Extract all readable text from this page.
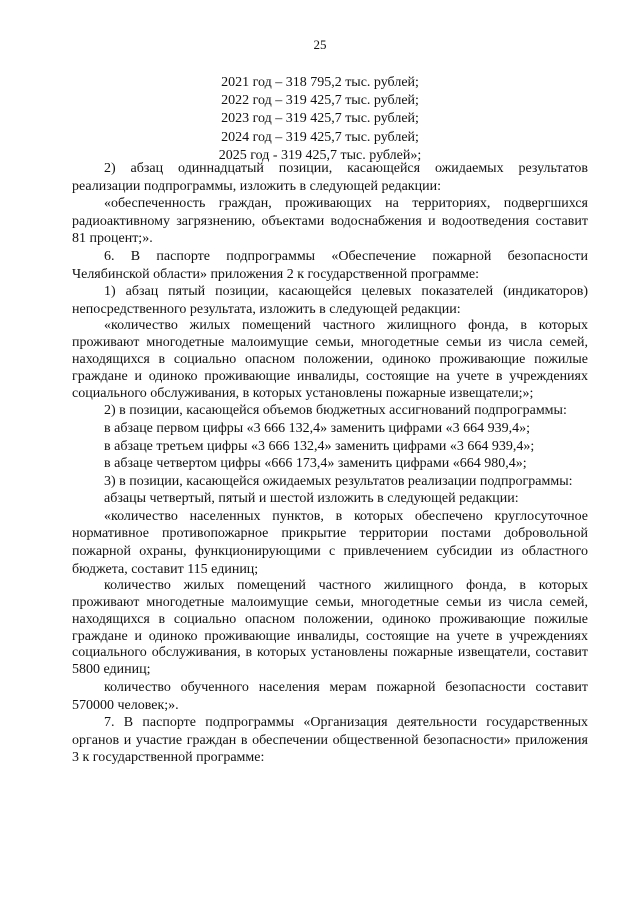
25
2021 год – 318 795,2 тыс. рублей;
2022 год – 319 425,7 тыс. рублей;
2023 год – 319 425,7 тыс. рублей;
2024 год – 319 425,7 тыс. рублей;
2025 год - 319 425,7 тыс. рублей»;

2) абзац одиннадцатый позиции, касающейся ожидаемых результатов реализации подпрограммы, изложить в следующей редакции:

«обеспеченность граждан, проживающих на территориях, подвергшихся радиоактивному загрязнению, объектами водоснабжения и водоотведения составит 81 процент;».

6. В паспорте подпрограммы «Обеспечение пожарной безопасности Челябинской области» приложения 2 к государственной программе:

1) абзац пятый позиции, касающейся целевых показателей (индикаторов) непосредственного результата, изложить в следующей редакции:

«количество жилых помещений частного жилищного фонда, в которых проживают многодетные малоимущие семьи, многодетные семьи из числа семей, находящихся в социально опасном положении, одиноко проживающие пожилые граждане и одиноко проживающие инвалиды, состоящие на учете в учреждениях социального обслуживания, в которых установлены пожарные извещатели;»;

2) в позиции, касающейся объемов бюджетных ассигнований подпрограммы:

в абзаце первом цифры «3 666 132,4» заменить цифрами «3 664 939,4»;

в абзаце третьем цифры «3 666 132,4» заменить цифрами «3 664 939,4»;

в абзаце четвертом цифры «666 173,4» заменить цифрами «664 980,4»;

3) в позиции, касающейся ожидаемых результатов реализации подпрограммы:

абзацы четвертый, пятый и шестой изложить в следующей редакции:

«количество населенных пунктов, в которых обеспечено круглосуточное нормативное противопожарное прикрытие территории постами добровольной пожарной охраны, функционирующими с привлечением субсидии из областного бюджета, составит 115 единиц;

количество жилых помещений частного жилищного фонда, в которых проживают многодетные малоимущие семьи, многодетные семьи из числа семей, находящихся в социально опасном положении, одиноко проживающие пожилые граждане и одиноко проживающие инвалиды, состоящие на учете в учреждениях социального обслуживания, в которых установлены пожарные извещатели, составит 5800 единиц;

количество обученного населения мерам пожарной безопасности составит 570000 человек;».

7. В паспорте подпрограммы «Организация деятельности государственных органов и участие граждан в обеспечении общественной безопасности» приложения 3 к государственной программе:
